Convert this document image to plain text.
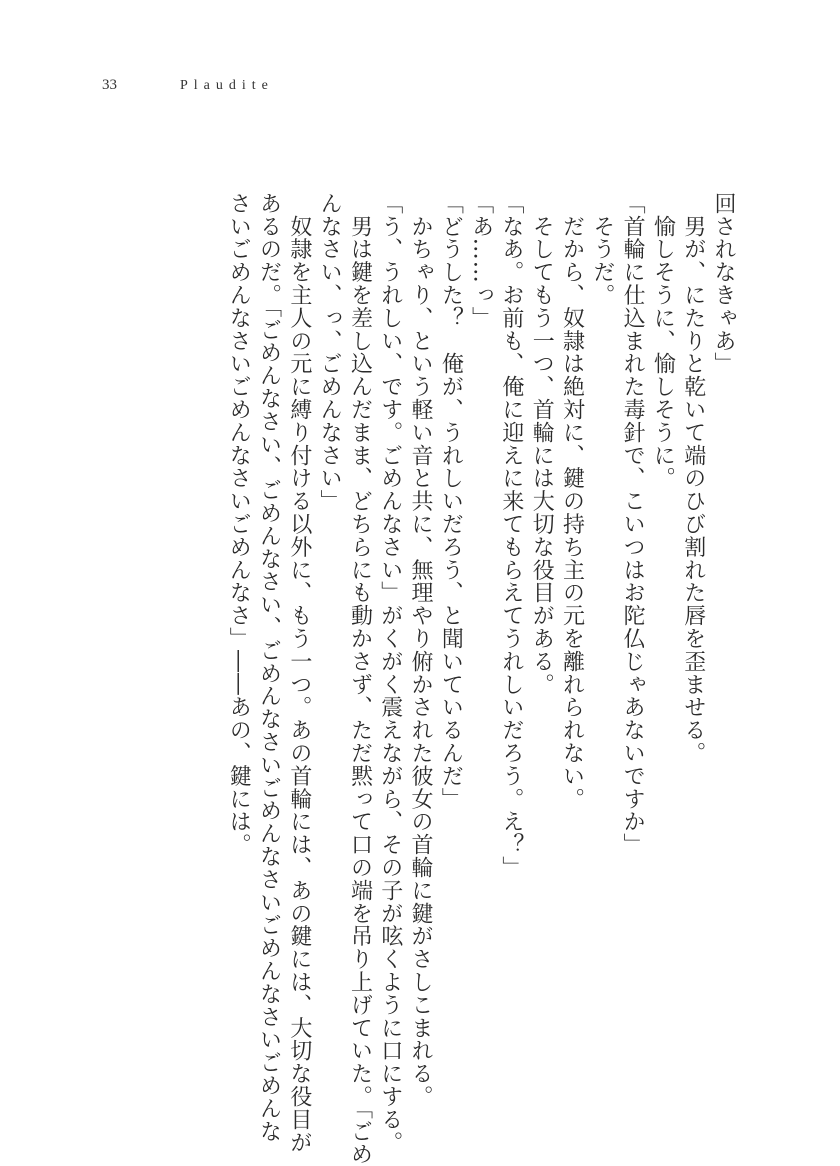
33	Plaudite
回されなきゃあ」
　男が、にたりと乾いて端のひび割れた唇を歪ませる。
　愉しそうに、愉しそうに。
「首輪に仕込まれた毒針で、こいつはお陀仏じゃあないですか」
　そうだ。
　だから、奴隷は絶対に、鍵の持ち主の元を離れられない。
　そしてもう一つ、首輪には大切な役目がある。
「なあ。お前も、俺に迎えに来てもらえてうれしいだろう。え？」
「あ……っ」
「どうした？　俺が、うれしいだろう、と聞いているんだ」
　かちゃり、という軽い音と共に、無理やり俯かされた彼女の首輪に鍵がさしこまれる。
「う、うれしい、です。ごめんなさい」がくがく震えながら、その子が呟くように口にする。
　男は鍵を差し込んだまま、どちらにも動かさず、ただ黙って口の端を吊り上げていた。「ごめ
んなさい、っ、ごめんなさい」
　奴隷を主人の元に縛り付ける以外に、もう一つ。あの首輪には、あの鍵には、大切な役目が
あるのだ。「ごめんなさい、ごめんなさい、ごめんなさいごめんなさいごめんなさいごめんな
さいごめんなさいごめんなさいごめんなさ」――あの、鍵には。
